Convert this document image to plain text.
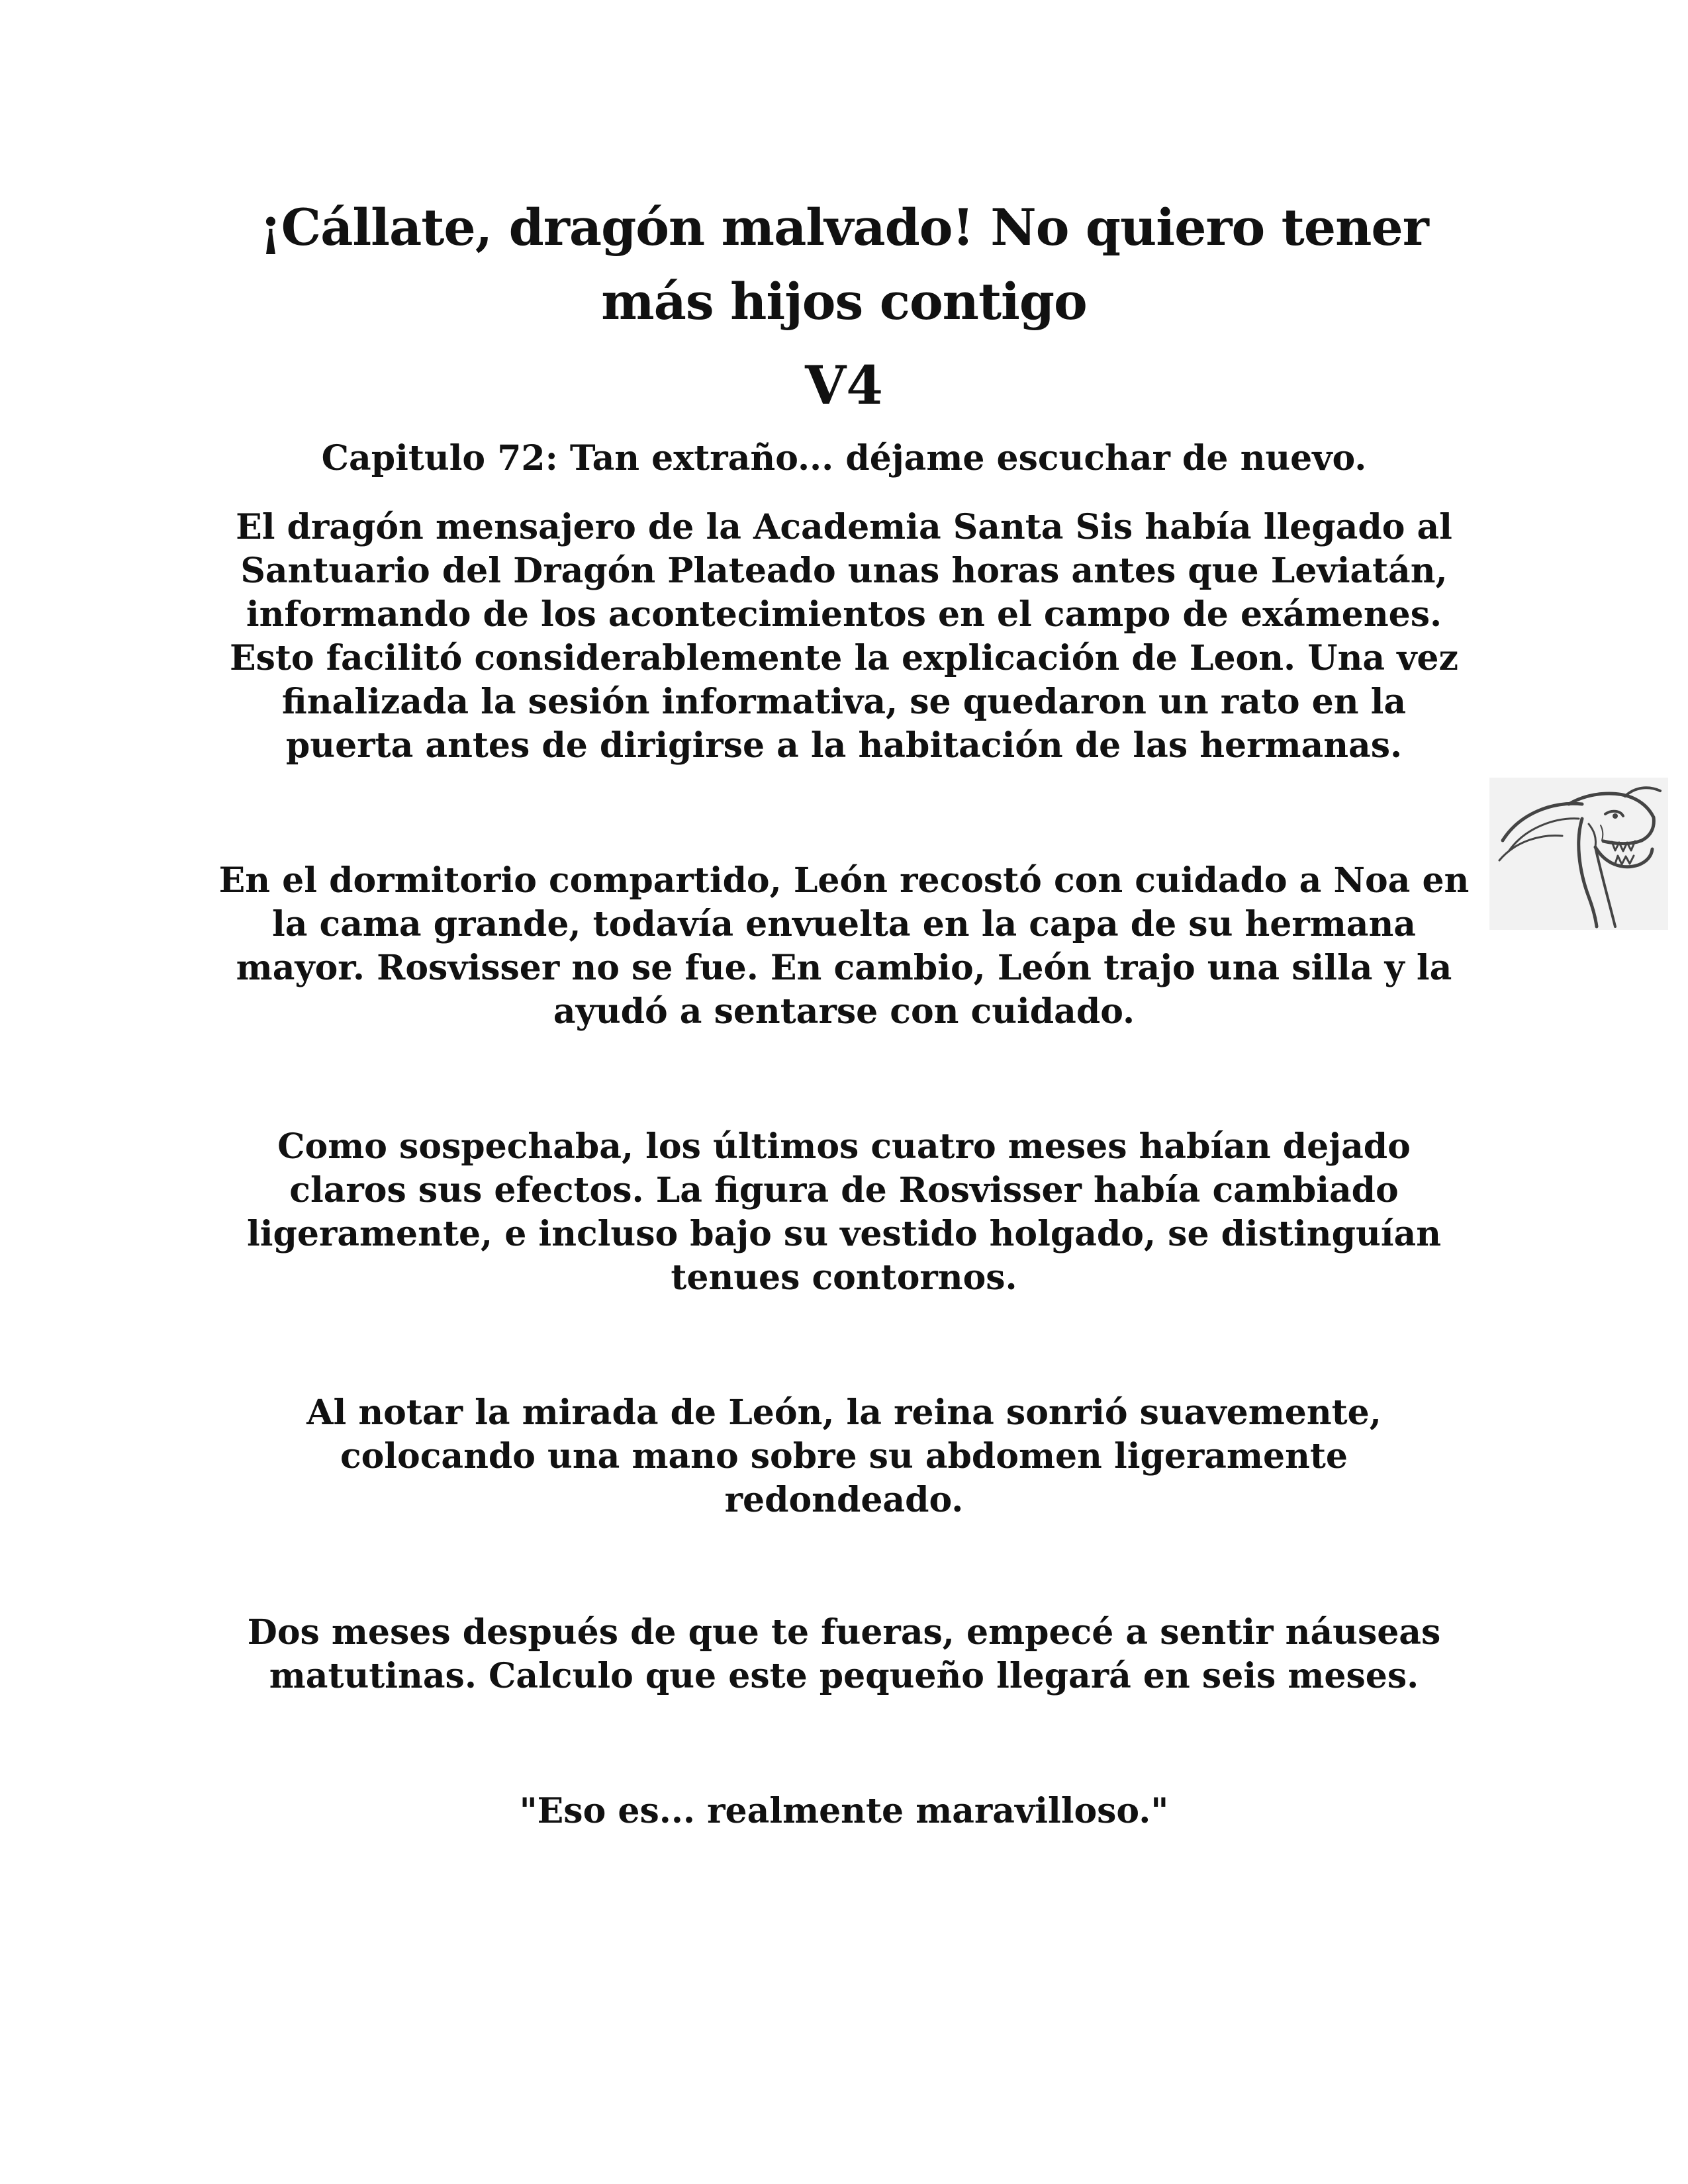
¡Cállate, dragón malvado! No quiero tener más hijos contigo
V4
Capitulo 72: Tan extraño... déjame escuchar de nuevo.

El dragón mensajero de la Academia Santa Sis había llegado al Santuario del Dragón Plateado unas horas antes que Leviatán, informando de los acontecimientos en el campo de exámenes. Esto facilitó considerablemente la explicación de Leon. Una vez finalizada la sesión informativa, se quedaron un rato en la puerta antes de dirigirse a la habitación de las hermanas.

En el dormitorio compartido, León recostó con cuidado a Noa en la cama grande, todavía envuelta en la capa de su hermana mayor. Rosvisser no se fue. En cambio, León trajo una silla y la ayudó a sentarse con cuidado.

Como sospechaba, los últimos cuatro meses habían dejado claros sus efectos. La figura de Rosvisser había cambiado ligeramente, e incluso bajo su vestido holgado, se distinguían tenues contornos.

Al notar la mirada de León, la reina sonrió suavemente, colocando una mano sobre su abdomen ligeramente redondeado.

Dos meses después de que te fueras, empecé a sentir náuseas matutinas. Calculo que este pequeño llegará en seis meses.

"Eso es... realmente maravilloso."
